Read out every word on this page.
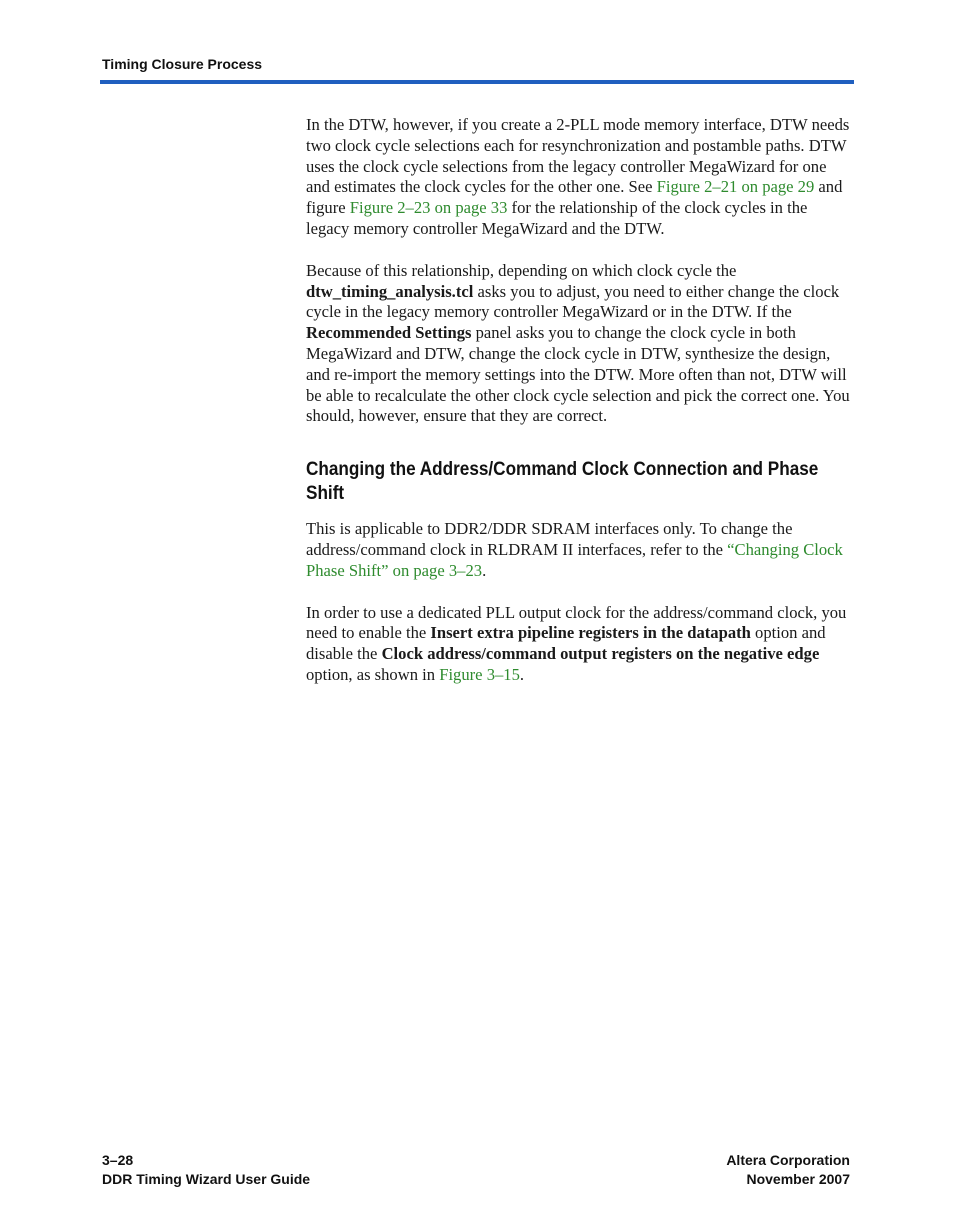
Timing Closure Process

In the DTW, however, if you create a 2-PLL mode memory interface, DTW needs two clock cycle selections each for resynchronization and postamble paths. DTW uses the clock cycle selections from the legacy controller MegaWizard for one and estimates the clock cycles for the other one. See Figure 2–21 on page 29 and figure Figure 2–23 on page 33 for the relationship of the clock cycles in the legacy memory controller MegaWizard and the DTW.

Because of this relationship, depending on which clock cycle the dtw_timing_analysis.tcl asks you to adjust, you need to either change the clock cycle in the legacy memory controller MegaWizard or in the DTW. If the Recommended Settings panel asks you to change the clock cycle in both MegaWizard and DTW, change the clock cycle in DTW, synthesize the design, and re-import the memory settings into the DTW. More often than not, DTW will be able to recalculate the other clock cycle selection and pick the correct one. You should, however, ensure that they are correct.

Changing the Address/Command Clock Connection and Phase Shift

This is applicable to DDR2/DDR SDRAM interfaces only. To change the address/command clock in RLDRAM II interfaces, refer to the “Changing Clock Phase Shift” on page 3–23.

In order to use a dedicated PLL output clock for the address/command clock, you need to enable the Insert extra pipeline registers in the datapath option and disable the Clock address/command output registers on the negative edge option, as shown in Figure 3–15.

3–28
DDR Timing Wizard User Guide
Altera Corporation
November 2007
